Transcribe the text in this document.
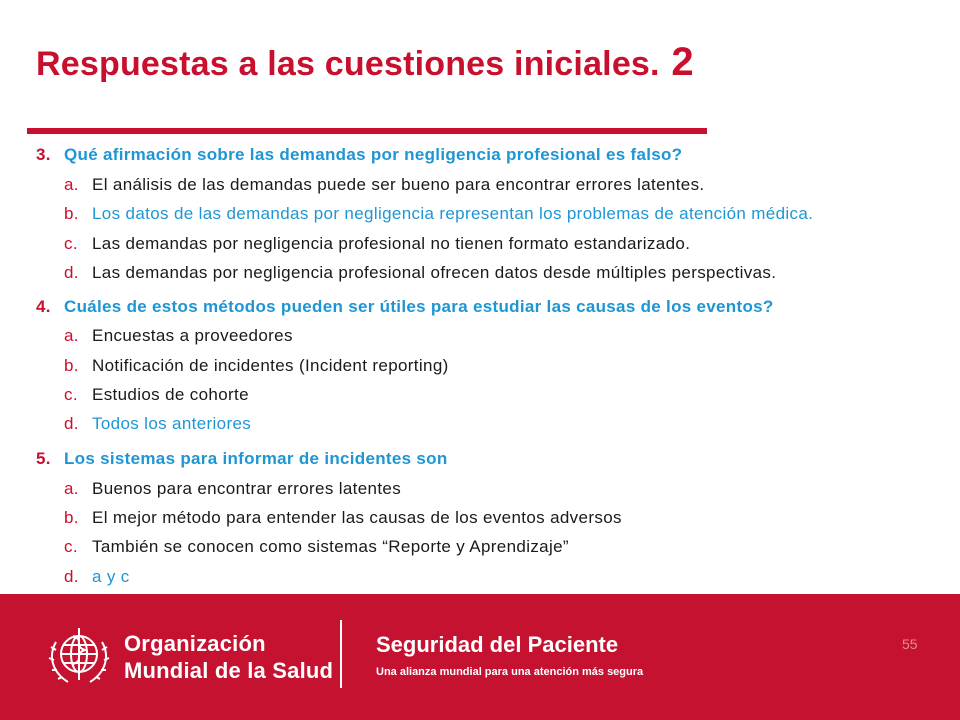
Respuestas a las cuestiones iniciales. 2
3. Qué afirmación sobre las demandas por negligencia profesional es falso?
a. El análisis de las demandas puede ser bueno para encontrar errores latentes.
b. Los datos de las demandas por negligencia representan los problemas de atención médica.
c. Las demandas por negligencia profesional no tienen formato estandarizado.
d. Las demandas por negligencia profesional ofrecen datos desde múltiples perspectivas.
4. Cuáles de estos métodos pueden ser útiles para estudiar las causas de los eventos?
a. Encuestas a proveedores
b. Notificación de incidentes (Incident reporting)
c. Estudios de cohorte
d. Todos los anteriores
5. Los sistemas para informar de incidentes son
a. Buenos para encontrar errores latentes
b. El mejor método para entender las causas de los eventos adversos
c. También se conocen como sistemas “Reporte y Aprendizaje”
d. a y c
Organización
Mundial de la Salud
Seguridad del Paciente
Una alianza mundial para una atención más segura
55
